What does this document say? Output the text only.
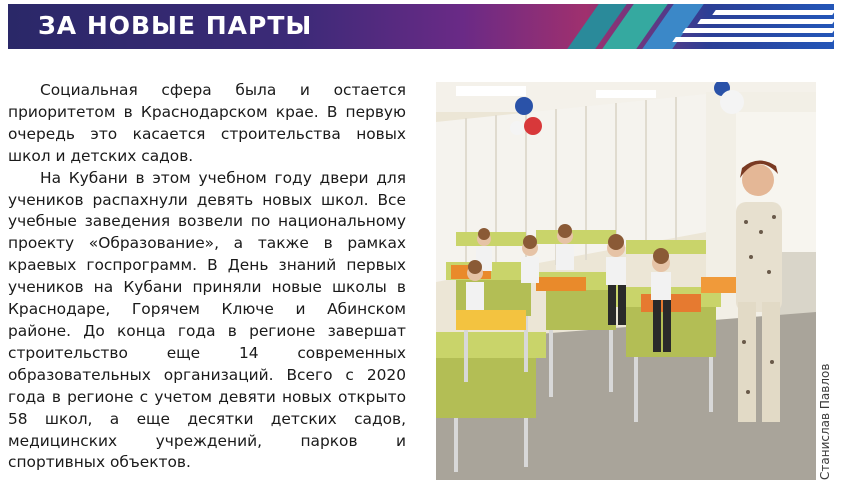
ЗА НОВЫЕ ПАРТЫ

Социальная сфера была и остается приоритетом в Краснодарском крае. В первую очередь это касается строительства новых школ и детских садов.

На Кубани в этом учебном году двери для учеников распахнули девять новых школ. Все учебные заведения возвели по национальному проекту «Образование», а также в рамках краевых госпрограмм. В День знаний первых учеников на Кубани приняли новые школы в Краснодаре, Горячем Ключе и Абинском районе. До конца года в регионе завершат строительство еще 14 современных образовательных организаций. Всего с 2020 года в регионе с учетом девяти новых открыто 58 школ, а еще десятки детских садов, медицинских учреждений, парков и спортивных объектов.	Станислав Павлов
